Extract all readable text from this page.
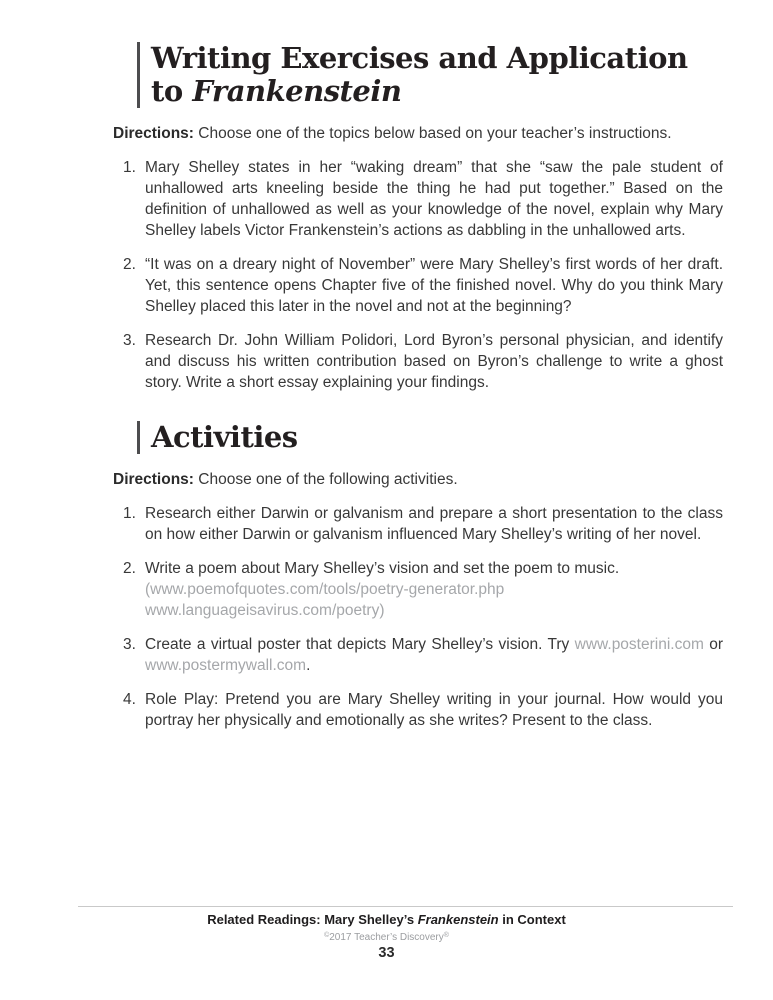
Writing Exercises and Application
to Frankenstein

Directions: Choose one of the topics below based on your teacher’s instructions.

1. Mary Shelley states in her “waking dream” that she “saw the pale student of unhallowed arts kneeling beside the thing he had put together.” Based on the definition of unhallowed as well as your knowledge of the novel, explain why Mary Shelley labels Victor Frankenstein’s actions as dabbling in the unhallowed arts.
2. “It was on a dreary night of November” were Mary Shelley’s first words of her draft. Yet, this sentence opens Chapter five of the finished novel. Why do you think Mary Shelley placed this later in the novel and not at the beginning?
3. Research Dr. John William Polidori, Lord Byron’s personal physician, and identify and discuss his written contribution based on Byron’s challenge to write a ghost story. Write a short essay explaining your findings.
Activities

Directions: Choose one of the following activities.

1. Research either Darwin or galvanism and prepare a short presentation to the class on how either Darwin or galvanism influenced Mary Shelley’s writing of her novel.
2. Write a poem about Mary Shelley’s vision and set the poem to music.
(www.poemofquotes.com/tools/poetry-generator.php
www.languageisavirus.com/poetry)
3. Create a virtual poster that depicts Mary Shelley’s vision. Try www.posterini.com or www.postermywall.com.
4. Role Play: Pretend you are Mary Shelley writing in your journal. How would you portray her physically and emotionally as she writes? Present to the class.
Related Readings: Mary Shelley’s Frankenstein in Context
©2017 Teacher’s Discovery®
33
